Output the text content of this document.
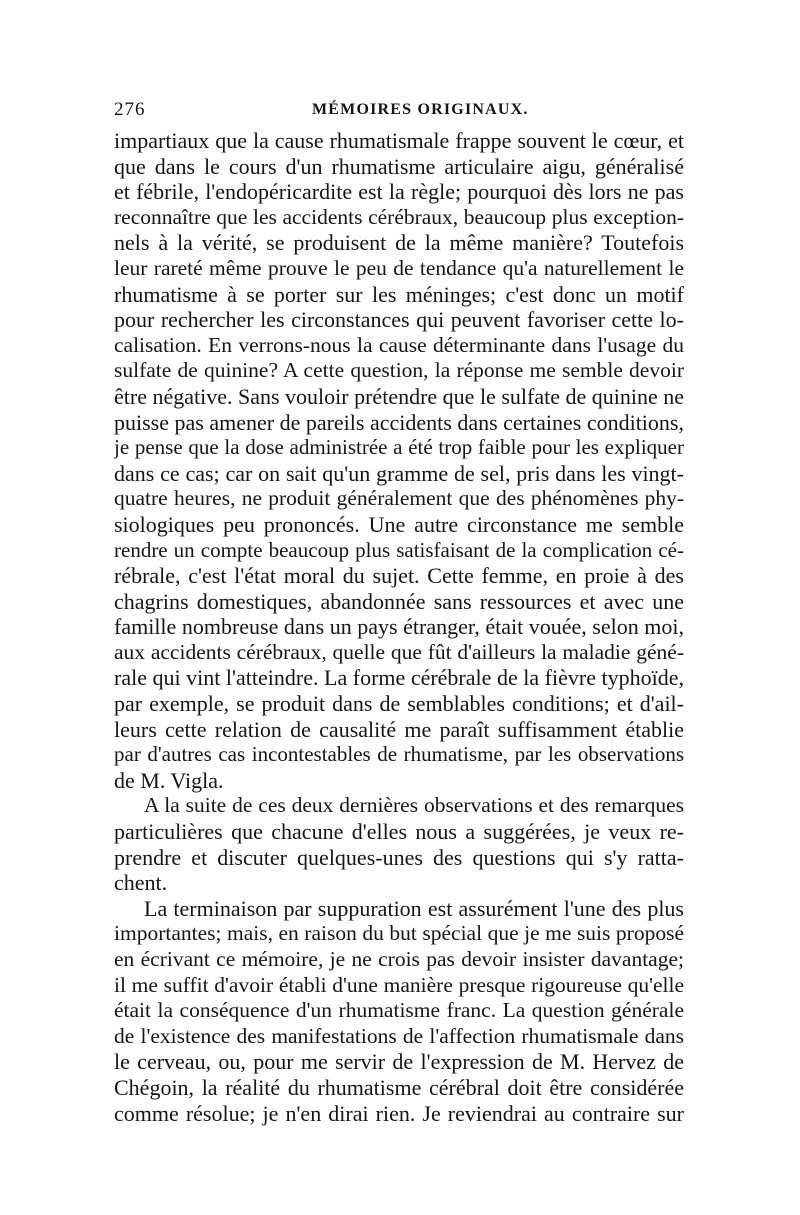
276	MÉMOIRES ORIGINAUX.
impartiaux que la cause rhumatismale frappe souvent le cœur, et
que dans le cours d'un rhumatisme articulaire aigu, généralisé
et fébrile, l'endopéricardite est la règle; pourquoi dès lors ne pas
reconnaître que les accidents cérébraux, beaucoup plus exception-
nels à la vérité, se produisent de la même manière? Toutefois
leur rareté même prouve le peu de tendance qu'a naturellement le
rhumatisme à se porter sur les méninges; c'est donc un motif
pour rechercher les circonstances qui peuvent favoriser cette lo-
calisation. En verrons-nous la cause déterminante dans l'usage du
sulfate de quinine? A cette question, la réponse me semble devoir
être négative. Sans vouloir prétendre que le sulfate de quinine ne
puisse pas amener de pareils accidents dans certaines conditions,
je pense que la dose administrée a été trop faible pour les expliquer
dans ce cas; car on sait qu'un gramme de sel, pris dans les vingt-
quatre heures, ne produit généralement que des phénomènes phy-
siologiques peu prononcés. Une autre circonstance me semble
rendre un compte beaucoup plus satisfaisant de la complication cé-
rébrale, c'est l'état moral du sujet. Cette femme, en proie à des
chagrins domestiques, abandonnée sans ressources et avec une
famille nombreuse dans un pays étranger, était vouée, selon moi,
aux accidents cérébraux, quelle que fût d'ailleurs la maladie géné-
rale qui vint l'atteindre. La forme cérébrale de la fièvre typhoïde,
par exemple, se produit dans de semblables conditions; et d'ail-
leurs cette relation de causalité me paraît suffisamment établie
par d'autres cas incontestables de rhumatisme, par les observations
de M. Vigla.
A la suite de ces deux dernières observations et des remarques
particulières que chacune d'elles nous a suggérées, je veux re-
prendre et discuter quelques-unes des questions qui s'y ratta-
chent.
La terminaison par suppuration est assurément l'une des plus
importantes; mais, en raison du but spécial que je me suis proposé
en écrivant ce mémoire, je ne crois pas devoir insister davantage;
il me suffit d'avoir établi d'une manière presque rigoureuse qu'elle
était la conséquence d'un rhumatisme franc. La question générale
de l'existence des manifestations de l'affection rhumatismale dans
le cerveau, ou, pour me servir de l'expression de M. Hervez de
Chégoin, la réalité du rhumatisme cérébral doit être considérée
comme résolue; je n'en dirai rien. Je reviendrai au contraire sur
